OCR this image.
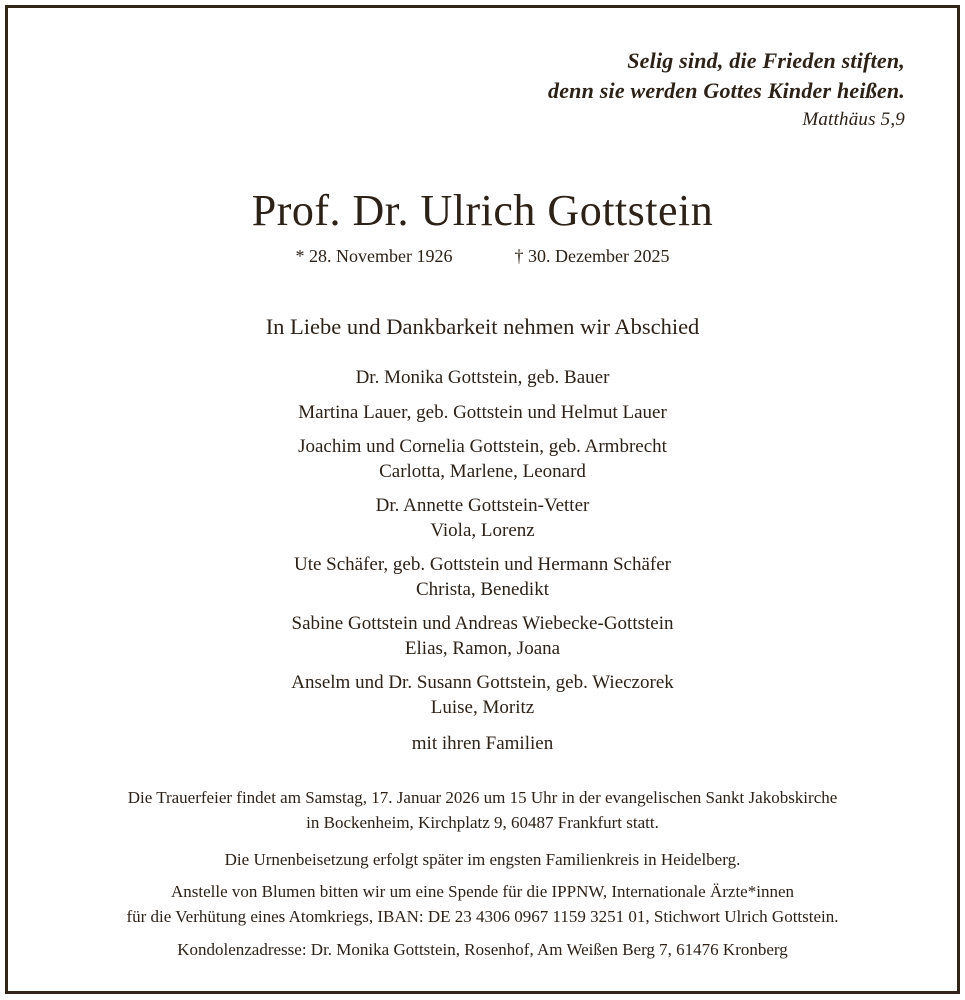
Selig sind, die Frieden stiften,
denn sie werden Gottes Kinder heißen.
Matthäus 5,9
Prof. Dr. Ulrich Gottstein
* 28. November 1926	† 30. Dezember 2025
In Liebe und Dankbarkeit nehmen wir Abschied
Dr. Monika Gottstein, geb. Bauer
Martina Lauer, geb. Gottstein und Helmut Lauer
Joachim und Cornelia Gottstein, geb. Armbrecht
Carlotta, Marlene, Leonard
Dr. Annette Gottstein-Vetter
Viola, Lorenz
Ute Schäfer, geb. Gottstein und Hermann Schäfer
Christa, Benedikt
Sabine Gottstein und Andreas Wiebecke-Gottstein
Elias, Ramon, Joana
Anselm und Dr. Susann Gottstein, geb. Wieczorek
Luise, Moritz
mit ihren Familien

Die Trauerfeier findet am Samstag, 17. Januar 2026 um 15 Uhr in der evangelischen Sankt Jakobskirche
in Bockenheim, Kirchplatz 9, 60487 Frankfurt statt.

Die Urnenbeisetzung erfolgt später im engsten Familienkreis in Heidelberg.

Anstelle von Blumen bitten wir um eine Spende für die IPPNW, Internationale Ärzte*innen
für die Verhütung eines Atomkriegs, IBAN: DE 23 4306 0967 1159 3251 01, Stichwort Ulrich Gottstein.

Kondolenzadresse: Dr. Monika Gottstein, Rosenhof, Am Weißen Berg 7, 61476 Kronberg
